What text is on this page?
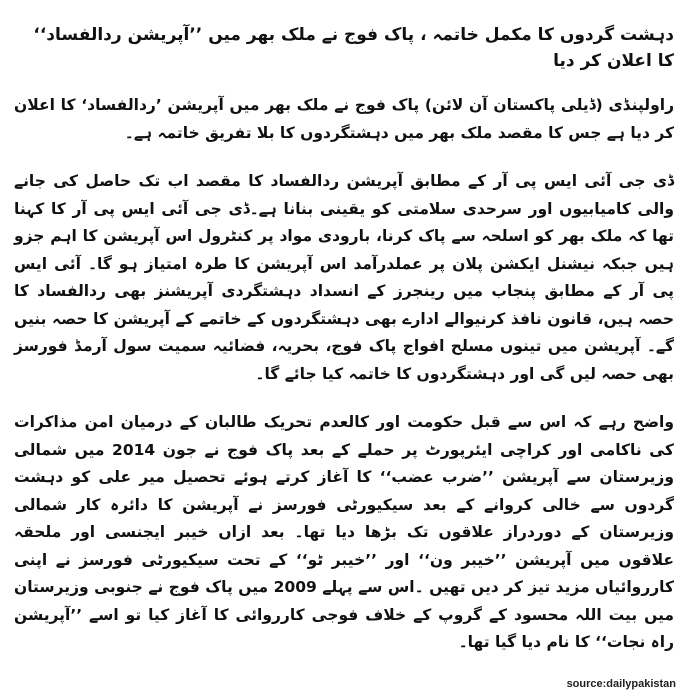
دہشت گردوں کا مکمل خاتمہ ، پاک فوج نے ملک بھر میں ’’آپریشن ردالفساد‘‘ کا اعلان کر دیا

راولپنڈی (ڈیلی پاکستان آن لائن) پاک فوج نے ملک بھر میں آپریشن ’ردالفساد‘ کا اعلان کر دیا ہے جس کا مقصد ملک بھر میں دہشتگردوں کا بلا تفریق خاتمہ ہے۔

ڈی جی آئی ایس پی آر کے مطابق آپریشن ردالفساد کا مقصد اب تک حاصل کی جانے والی کامیابیوں اور سرحدی سلامتی کو یقینی بنانا ہے۔ڈی جی آئی ایس پی آر کا کہنا تھا کہ ملک بھر کو اسلحہ سے پاک کرنا، بارودی مواد پر کنٹرول اس آپریشن کا اہم جزو ہیں جبکہ نیشنل ایکشن پلان پر عملدرآمد اس آپریشن کا طرہ امتیاز ہو گا۔ آئی ایس پی آر کے مطابق پنجاب میں رینجرز کے انسداد دہشتگردی آپریشنز بھی ردالفساد کا حصہ ہیں، قانون نافذ کرنیوالے ادارے بھی دہشتگردوں کے خاتمے کے آپریشن کا حصہ بنیں گے۔ آپریشن میں تینوں مسلح افواج پاک فوج، بحریہ، فضائیہ سمیت سول آرمڈ فورسز بھی حصہ لیں گی اور دہشتگردوں کا خاتمہ کیا جائے گا۔

واضح رہے کہ اس سے قبل حکومت اور کالعدم تحریک طالبان کے درمیان امن مذاکرات کی ناکامی اور کراچی ایئرپورٹ پر حملے کے بعد پاک فوج نے جون 2014 میں شمالی وزیرستان سے آپریشن ’’ضرب عضب‘‘ کا آغاز کرتے ہوئے تحصیل میر علی کو دہشت گردوں سے خالی کروانے کے بعد سیکیورٹی فورسز نے آپریشن کا دائرہ کار شمالی وزیرستان کے دوردراز علاقوں تک بڑھا دیا تھا۔ بعد ازاں خیبر ایجنسی اور ملحقہ علاقوں میں آپریشن ’’خیبر ون‘‘ اور ’’خیبر ٹو‘‘ کے تحت سیکیورٹی فورسز نے اپنی کارروائیاں مزید تیز کر دیں تھیں ۔اس سے پہلے 2009 میں پاک فوج نے جنوبی وزیرستان میں بیت اللہ محسود کے گروپ کے خلاف فوجی کارروائی کا آغاز کیا تو اسے ’’آپریشن راہ نجات‘‘ کا نام دیا گیا تھا۔

source:dailypakistan
